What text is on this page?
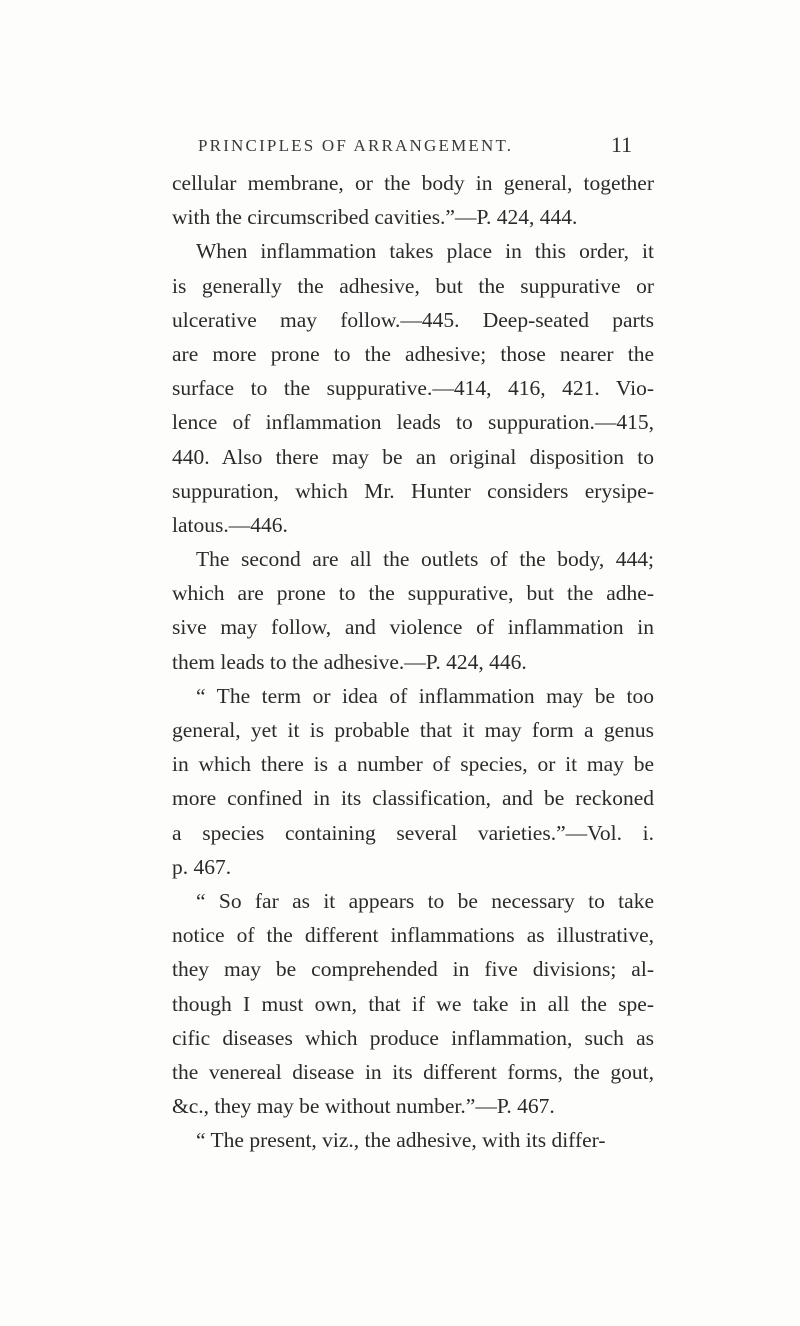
PRINCIPLES OF ARRANGEMENT.	11
cellular membrane, or the body in general, together
with the circumscribed cavities.”—P. 424, 444.
When inflammation takes place in this order, it
is generally the adhesive, but the suppurative or
ulcerative may follow.—445. Deep-seated parts
are more prone to the adhesive; those nearer the
surface to the suppurative.—414, 416, 421. Vio-
lence of inflammation leads to suppuration.—415,
440. Also there may be an original disposition to
suppuration, which Mr. Hunter considers erysipe-
latous.—446.
The second are all the outlets of the body, 444;
which are prone to the suppurative, but the adhe-
sive may follow, and violence of inflammation in
them leads to the adhesive.—P. 424, 446.
“ The term or idea of inflammation may be too
general, yet it is probable that it may form a genus
in which there is a number of species, or it may be
more confined in its classification, and be reckoned
a species containing several varieties.”—Vol. i.
p. 467.
“ So far as it appears to be necessary to take
notice of the different inflammations as illustrative,
they may be comprehended in five divisions; al-
though I must own, that if we take in all the spe-
cific diseases which produce inflammation, such as
the venereal disease in its different forms, the gout,
&c., they may be without number.”—P. 467.
“ The present, viz., the adhesive, with its differ-
